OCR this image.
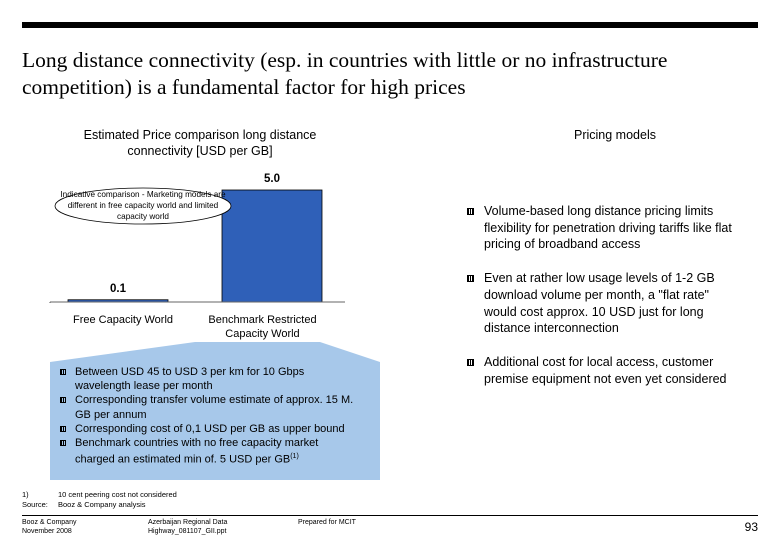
Long distance connectivity (esp. in countries with little or no infrastructure competition) is a fundamental factor for high prices
Estimated Price comparison long distance connectivity [USD per GB]
Pricing models
Indicative comparison - Marketing models are different in free capacity world and limited capacity world
0.1
5.0
Free Capacity World	Benchmark Restricted Capacity World
Between USD 45 to USD 3 per km for 10 Gbps wavelength lease per month
Corresponding transfer volume estimate of approx. 15 M. GB per annum
Corresponding cost of 0,1 USD per GB as upper bound
Benchmark countries with no free capacity market charged an estimated min of. 5 USD per GB$^{(1)}$
Volume-based long distance pricing limits flexibility for penetration driving tariffs like flat pricing of broadband access
Even at rather low usage levels of 1-2 GB download volume per month, a "flat rate" would cost approx. 10 USD just for long distance interconnection
Additional cost for local access, customer premise equipment not even yet considered
1)	10 cent peering cost not considered
Source:	Booz & Company analysis
Booz & Company
November 2008
Azerbaijan Regional Data
Highway_081107_GII.ppt
Prepared for MCIT	93
